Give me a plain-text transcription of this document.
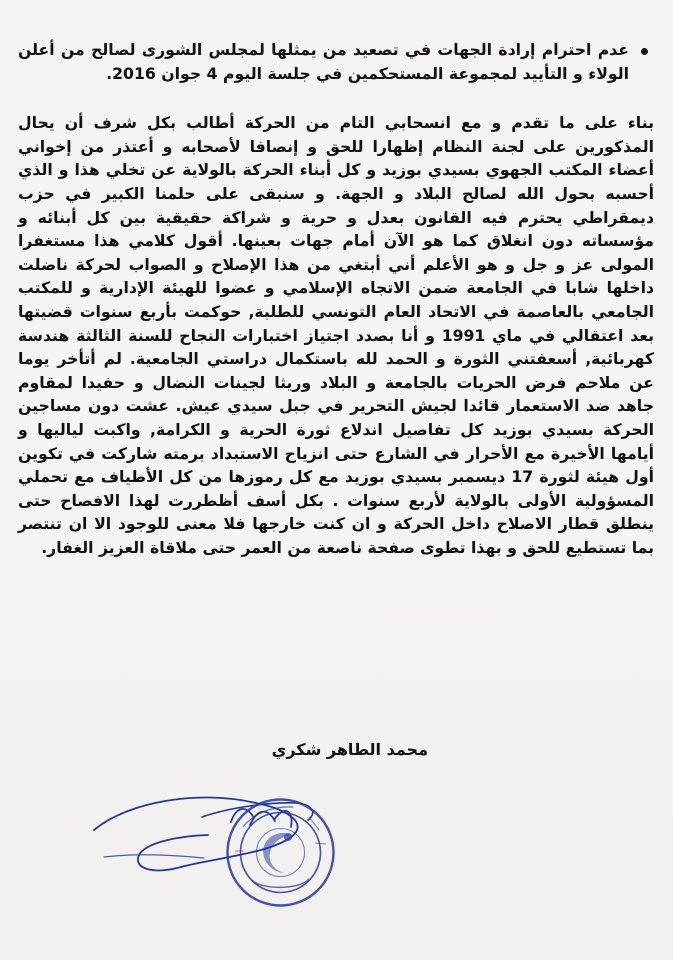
عدم احترام إرادة الجهات في تصعيد من يمثلها لمجلس الشورى لصالح من أعلن الولاء و التأييد لمجموعة المستحكمين في جلسة اليوم 4 جوان 2016.

بناء على ما تقدم و مع انسحابي التام من الحركة أطالب بكل شرف أن يحال المذكورين على لجنة النظام إظهارا للحق و إنصافا لأصحابه و أعتذر من إخواني أعضاء المكتب الجهوي بسيدي بوزيد و كل أبناء الحركة بالولاية عن تخلي هذا و الذي أحسبه بحول الله لصالح البلاد و الجهة. و سنبقى على حلمنا الكبير في حزب ديمقراطي يحترم فيه القانون بعدل و حرية و شراكة حقيقية بين كل أبنائه و مؤسساته دون انغلاق كما هو الآن أمام جهات بعينها. أقول كلامي هذا مستغفرا المولى عز و جل و هو الأعلم أني أبتغي من هذا الإصلاح و الصواب لحركة ناضلت داخلها شابا في الجامعة ضمن الاتجاه الإسلامي و عضوا للهيئة الإدارية و للمكتب الجامعي بالعاصمة في الاتحاد العام التونسي للطلبة, حوكمت بأربع سنوات قضيتها بعد اعتقالي في ماي 1991 و أنا بصدد اجتياز اختبارات النجاح للسنة الثالثة هندسة كهربائية, أسعفتني الثورة و الحمد لله باستكمال دراستي الجامعية. لم أتأخر يوما عن ملاحم فرض الحريات بالجامعة و البلاد وريثا لجينات النضال و حفيدا لمقاوم جاهد ضد الاستعمار قائدا لجيش التحرير في جبل سيدي عيش. عشت دون مساجين الحركة بسيدي بوزيد كل تفاصيل اندلاع ثورة الحرية و الكرامة, واكبت لياليها و أيامها الأخيرة مع الأحرار في الشارع حتى انزياح الاستبداد برمته شاركت في تكوين أول هيئة لثورة 17 ديسمبر بسيدي بوزيد مع كل رموزها من كل الأطياف مع تحملي المسؤولية الأولى بالولاية لأربع سنوات . بكل أسف أظطررت لهذا الافصاح حتى ينطلق قطار الاصلاح داخل الحركة و ان كنت خارجها فلا معنى للوجود الا ان تنتصر بما تستطيع للحق و بهذا تطوى صفحة ناصعة من العمر حتى ملاقاة العزيز الغفار.

محمد الطاهر شكري
